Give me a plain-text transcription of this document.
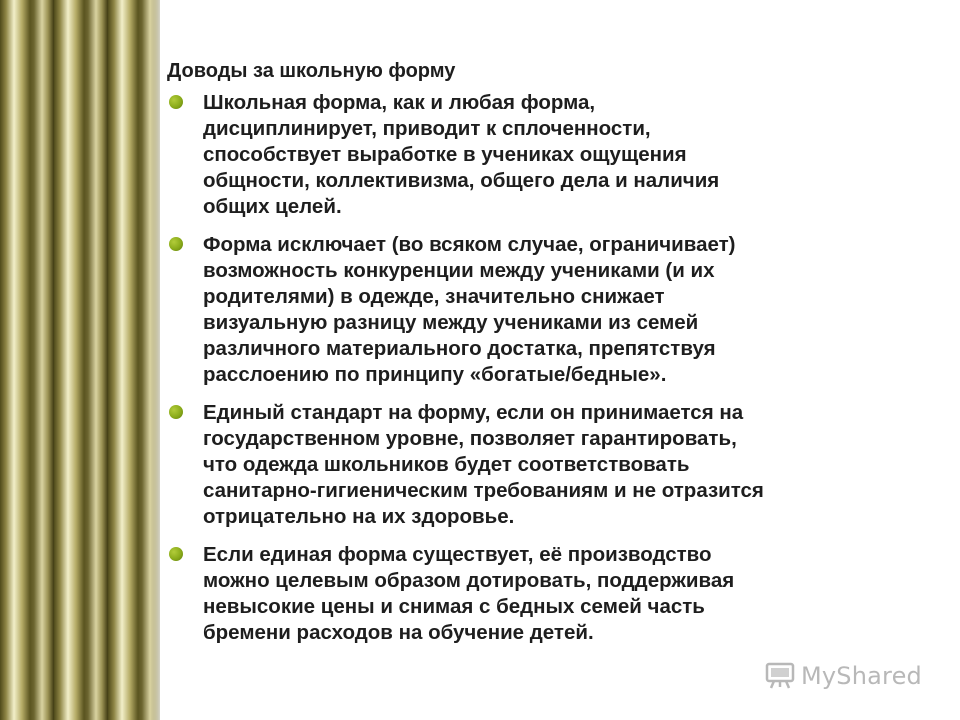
Доводы за школьную форму
Школьная форма, как и любая форма,
дисциплинирует, приводит к сплоченности,
способствует выработке в учениках ощущения
общности, коллективизма, общего дела и наличия
общих целей.
Форма исключает (во всяком случае, ограничивает)
возможность конкуренции между учениками (и их
родителями) в одежде, значительно снижает
визуальную разницу между учениками из семей
различного материального достатка, препятствуя
расслоению по принципу «богатые/бедные».
Единый стандарт на форму, если он принимается на
государственном уровне, позволяет гарантировать,
что одежда школьников будет соответствовать
санитарно-гигиеническим требованиям и не отразится
отрицательно на их здоровье.
Если единая форма существует, её производство
можно целевым образом дотировать, поддерживая
невысокие цены и снимая с бедных семей часть
бремени расходов на обучение детей.
MyShared
